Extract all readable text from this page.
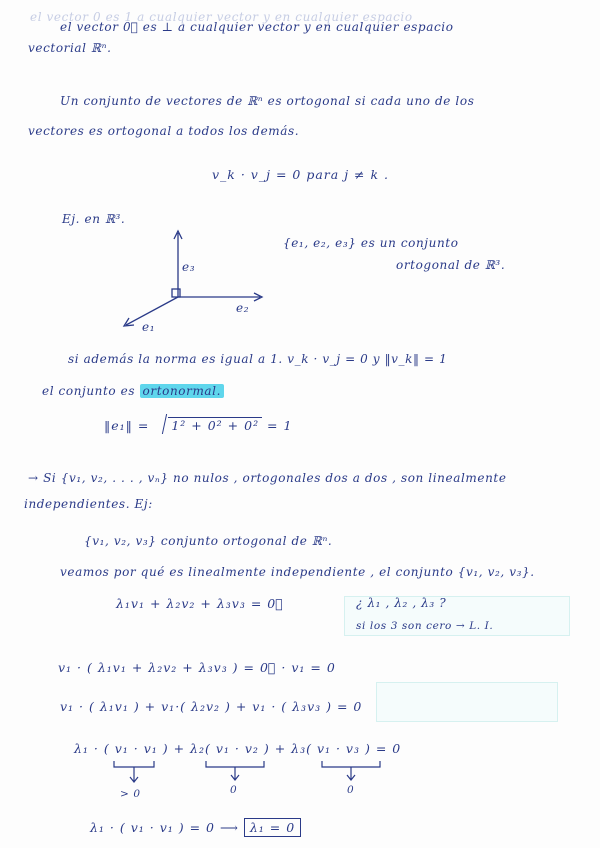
el vector 0 es 1 a cualquier vector y en cualquier espacio
el vector 0⃗ es ⊥ a cualquier vector y en cualquier espacio
vectorial ℝⁿ.
Un conjunto de vectores de ℝⁿ es ortogonal si cada uno de los
vectores es ortogonal a todos los demás.
v_k · v_j = 0 para j ≠ k .
Ej. en ℝ³.
e₃
e₂
e₁
{e₁, e₂, e₃} es un conjunto
ortogonal de ℝ³.
si además la norma es igual a 1. v_k · v_j = 0 y ‖v_k‖ = 1
el conjunto es ortonormal.
‖e₁‖ = 1² + 0² + 0² = 1
→ Si {v₁, v₂, . . . , vₙ} no nulos , ortogonales dos a dos , son linealmente
independientes. Ej:
{v₁, v₂, v₃} conjunto ortogonal de ℝⁿ.
veamos por qué es linealmente independiente , el conjunto {v₁, v₂, v₃}.
λ₁v₁ + λ₂v₂ + λ₃v₃ = 0⃗	¿ λ₁ , λ₂ , λ₃ ?
si los 3 son cero → L. I.
v₁ · ( λ₁v₁ + λ₂v₂ + λ₃v₃ ) = 0⃗ · v₁ = 0
v₁ · ( λ₁v₁ ) + v₁·( λ₂v₂ ) + v₁ · ( λ₃v₃ ) = 0
λ₁ · ( v₁ · v₁ ) + λ₂( v₁ · v₂ ) + λ₃( v₁ · v₃ ) = 0
> 0	0	0
λ₁ · ( v₁ · v₁ ) = 0 ⟶ λ₁ = 0
